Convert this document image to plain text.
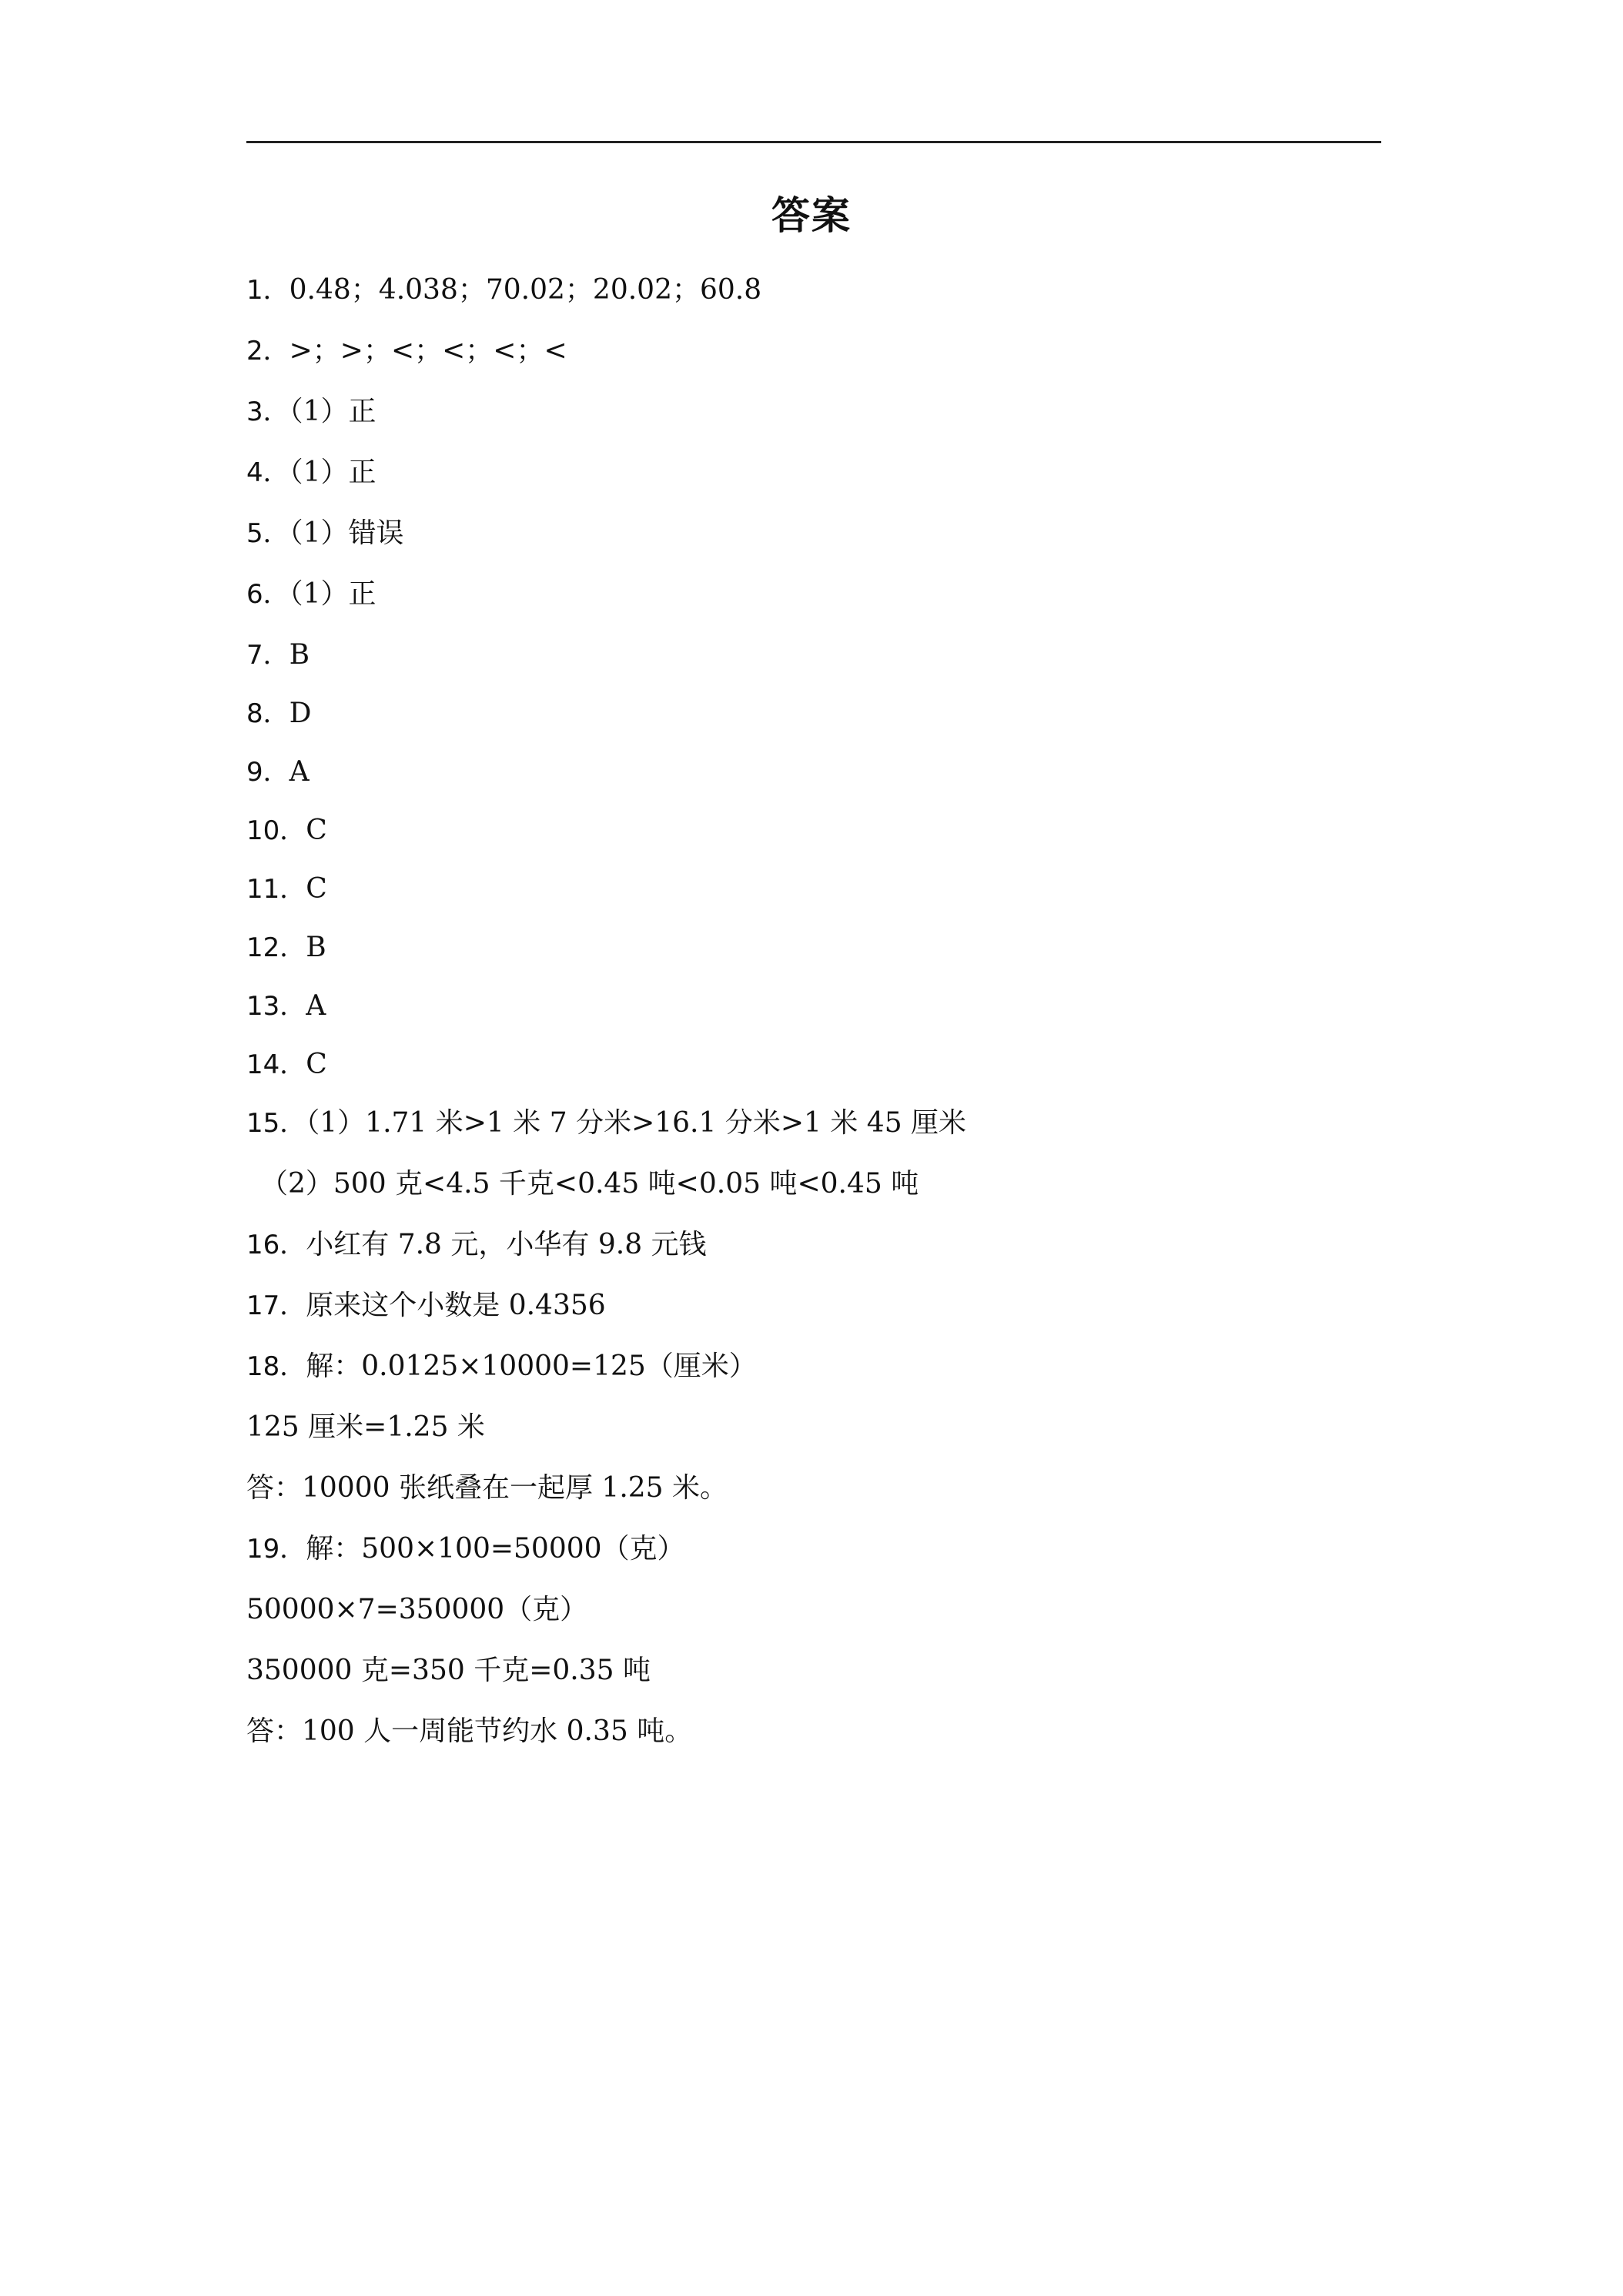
答案
1．0.48；4.038；70.02；20.02；60.8
2．>；>；<；<；<；<
3．（1）正
4．（1）正
5．（1）错误
6．（1）正
7．B
8．D
9．A
10．C
11．C
12．B
13．A
14．C
15．（1）1.71 米>1 米 7 分米>16.1 分米>1 米 45 厘米
（2）500 克<4.5 千克<0.45 吨<0.05 吨<0.45 吨
16．小红有 7.8 元，小华有 9.8 元钱
17．原来这个小数是 0.4356
18．解：0.0125×10000=125（厘米）
125 厘米=1.25 米
答：10000 张纸叠在一起厚 1.25 米。
19．解：500×100=50000（克）
50000×7=350000（克）
350000 克=350 千克=0.35 吨
答：100 人一周能节约水 0.35 吨。
